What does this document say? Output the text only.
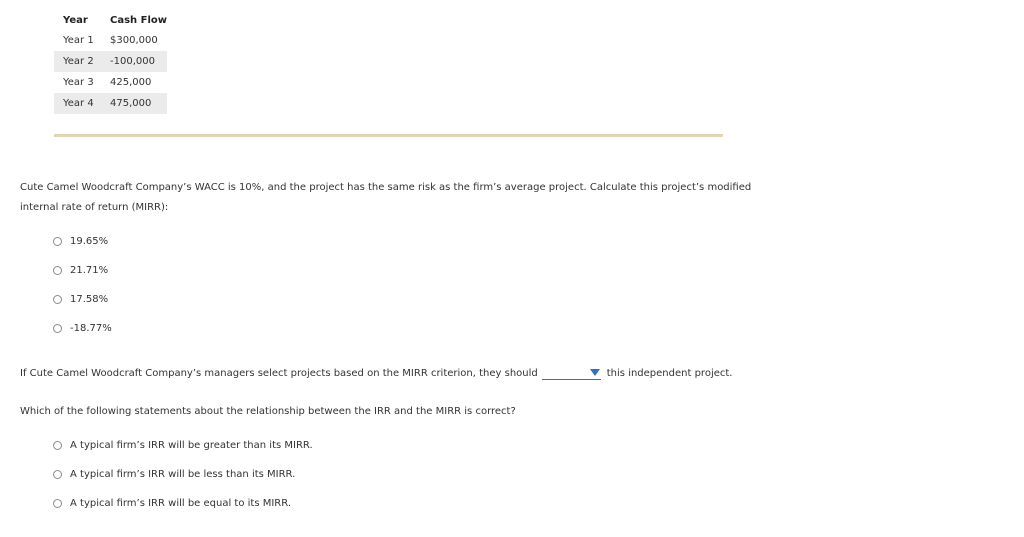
Year	Cash Flow
Year 1	$300,000
Year 2	-100,000
Year 3	425,000
Year 4	475,000
Cute Camel Woodcraft Company’s WACC is 10%, and the project has the same risk as the firm’s average project. Calculate this project’s modified internal rate of return (MIRR):
19.65%
21.71%
17.58%
-18.77%
If Cute Camel Woodcraft Company’s managers select projects based on the MIRR criterion, they should	this independent project.
Which of the following statements about the relationship between the IRR and the MIRR is correct?
A typical firm’s IRR will be greater than its MIRR.
A typical firm’s IRR will be less than its MIRR.
A typical firm’s IRR will be equal to its MIRR.
